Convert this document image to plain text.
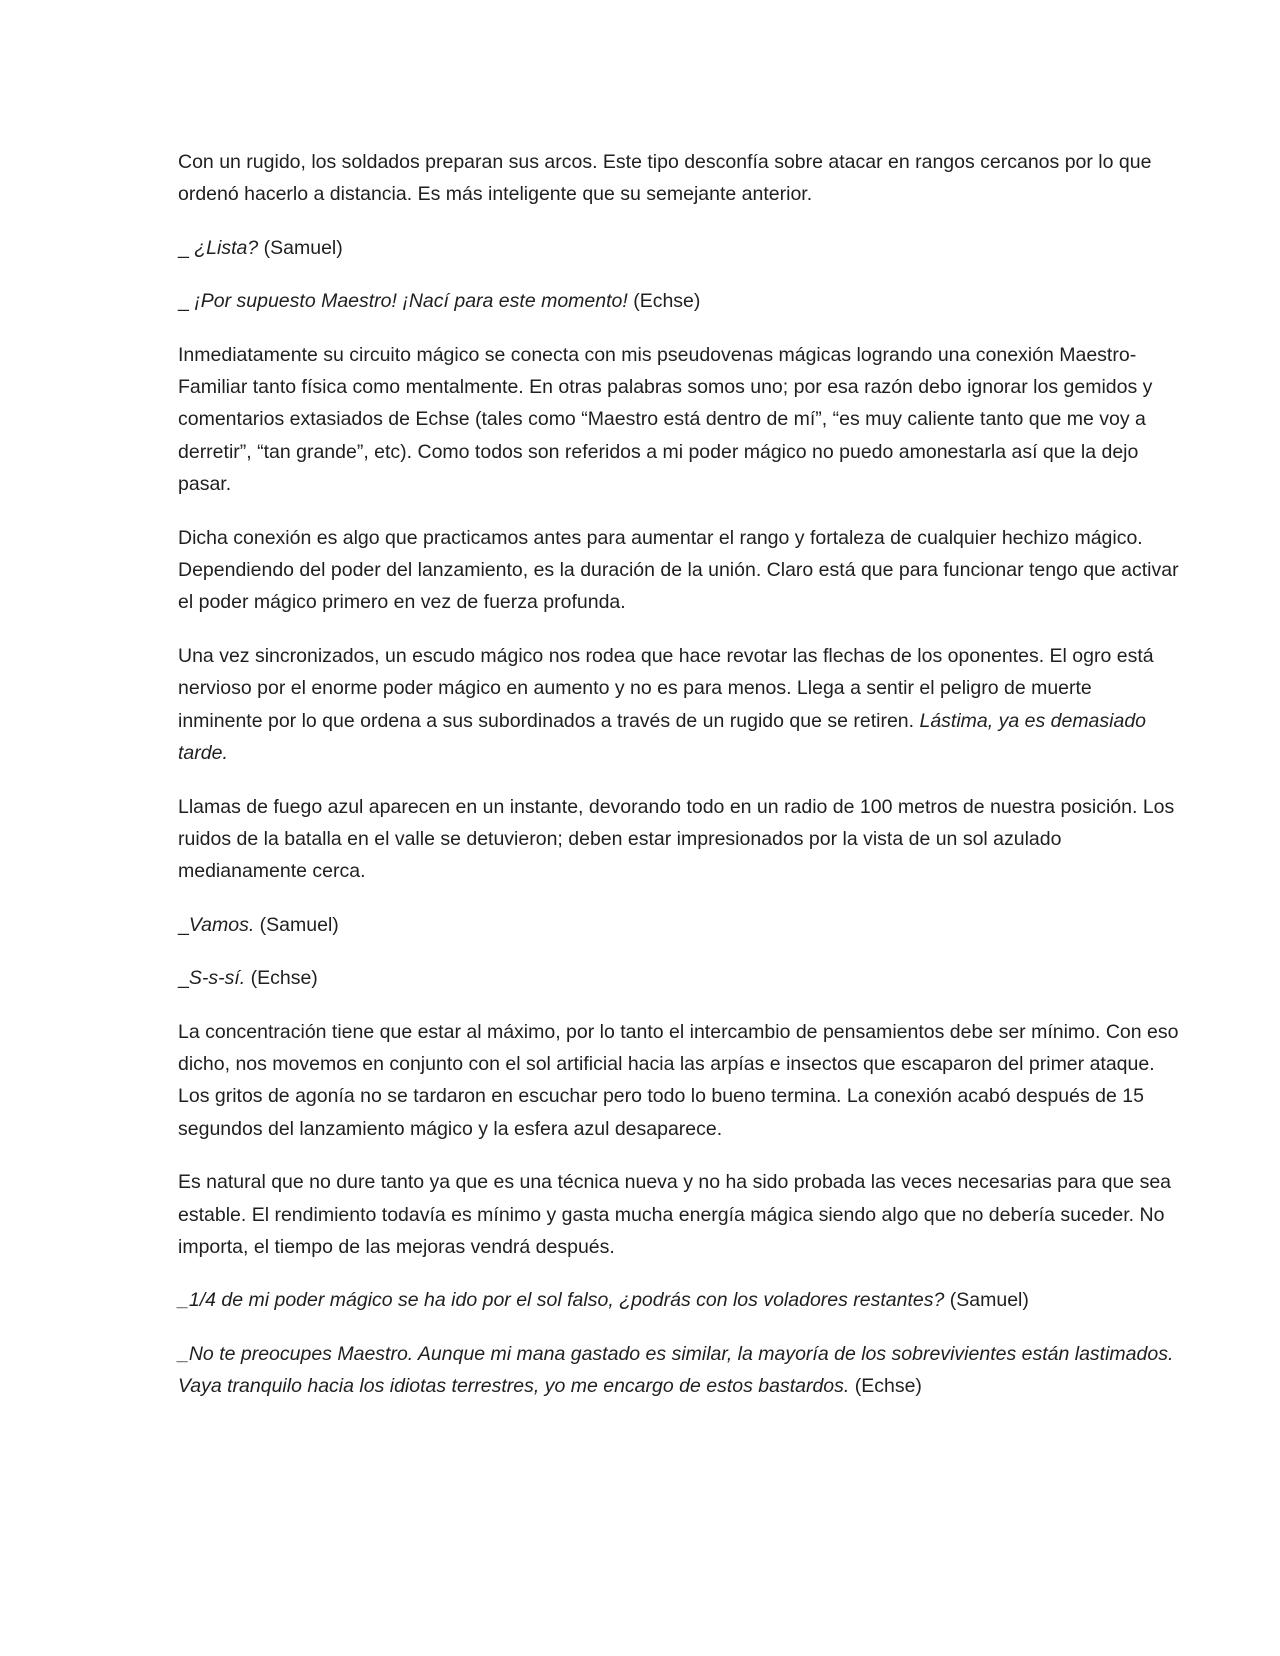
Con un rugido, los soldados preparan sus arcos. Este tipo desconfía sobre atacar en rangos cercanos por lo que ordenó hacerlo a distancia. Es más inteligente que su semejante anterior.

_ ¿Lista? (Samuel)

_ ¡Por supuesto Maestro! ¡Nací para este momento! (Echse)

Inmediatamente su circuito mágico se conecta con mis pseudovenas mágicas logrando una conexión Maestro-Familiar tanto física como mentalmente. En otras palabras somos uno; por esa razón debo ignorar los gemidos y comentarios extasiados de Echse (tales como “Maestro está dentro de mí”, “es muy caliente tanto que me voy a derretir”, “tan grande”, etc). Como todos son referidos a mi poder mágico no puedo amonestarla así que la dejo pasar.

Dicha conexión es algo que practicamos antes para aumentar el rango y fortaleza de cualquier hechizo mágico. Dependiendo del poder del lanzamiento, es la duración de la unión. Claro está que para funcionar tengo que activar el poder mágico primero en vez de fuerza profunda.

Una vez sincronizados, un escudo mágico nos rodea que hace revotar las flechas de los oponentes. El ogro está nervioso por el enorme poder mágico en aumento y no es para menos. Llega a sentir el peligro de muerte inminente por lo que ordena a sus subordinados a través de un rugido que se retiren. Lástima, ya es demasiado tarde.

Llamas de fuego azul aparecen en un instante, devorando todo en un radio de 100 metros de nuestra posición. Los ruidos de la batalla en el valle se detuvieron; deben estar impresionados por la vista de un sol azulado medianamente cerca.

_Vamos. (Samuel)

_S-s-sí. (Echse)

La concentración tiene que estar al máximo, por lo tanto el intercambio de pensamientos debe ser mínimo. Con eso dicho, nos movemos en conjunto con el sol artificial hacia las arpías e insectos que escaparon del primer ataque. Los gritos de agonía no se tardaron en escuchar pero todo lo bueno termina. La conexión acabó después de 15 segundos del lanzamiento mágico y la esfera azul desaparece.

Es natural que no dure tanto ya que es una técnica nueva y no ha sido probada las veces necesarias para que sea estable. El rendimiento todavía es mínimo y gasta mucha energía mágica siendo algo que no debería suceder. No importa, el tiempo de las mejoras vendrá después.

_1/4 de mi poder mágico se ha ido por el sol falso, ¿podrás con los voladores restantes? (Samuel)

_No te preocupes Maestro. Aunque mi mana gastado es similar, la mayoría de los sobrevivientes están lastimados. Vaya tranquilo hacia los idiotas terrestres, yo me encargo de estos bastardos. (Echse)
